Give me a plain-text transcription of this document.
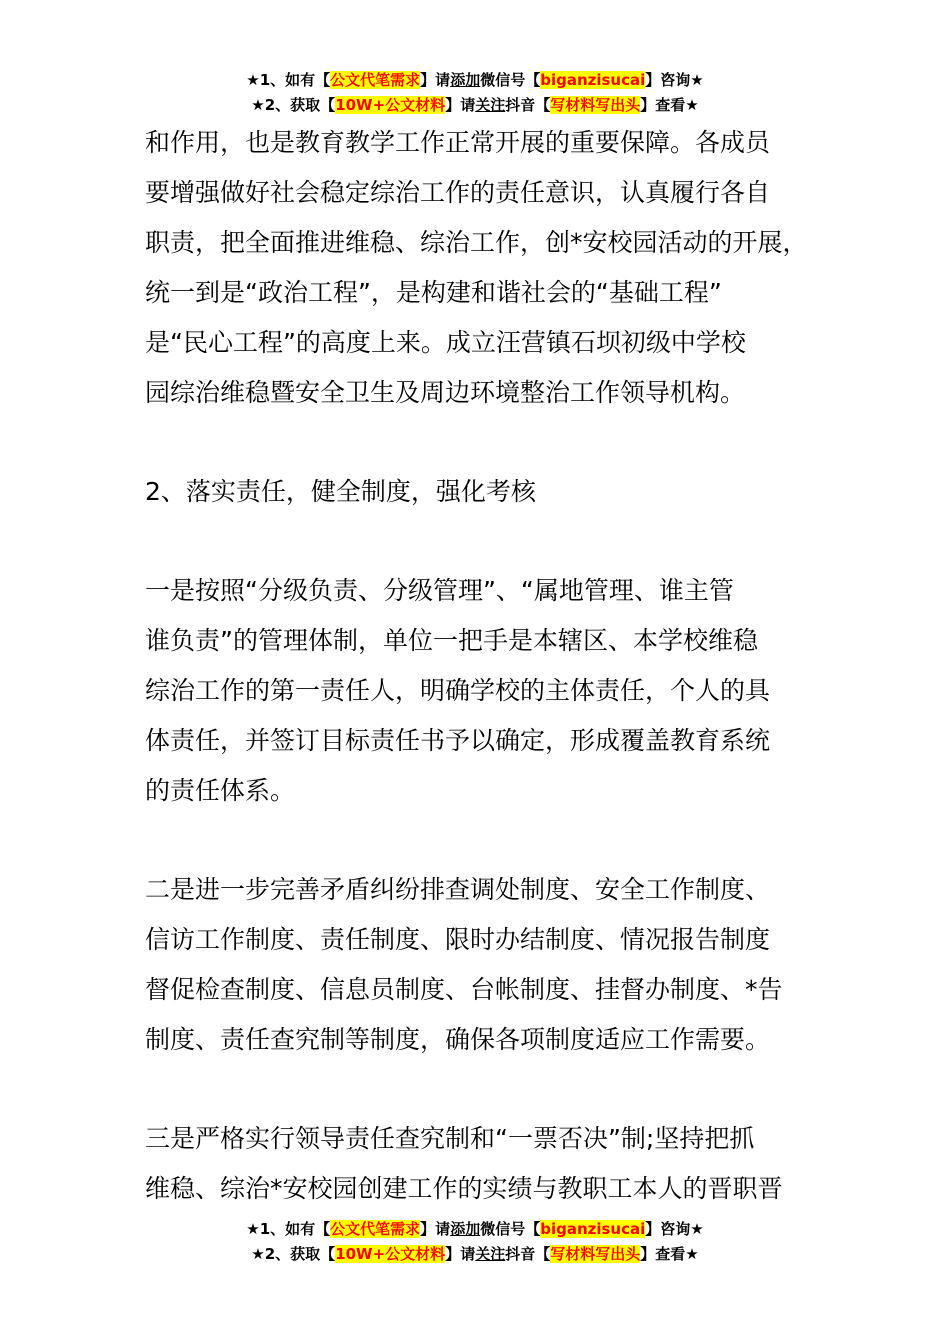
★1、如有【公文代笔需求】请添加微信号【biganzisucai】咨询★
★2、获取【10W+公文材料】请关注抖音【写材料写出头】查看★

和作用，也是教育教学工作正常开展的重要保障。各成员
要增强做好社会稳定综治工作的责任意识，认真履行各自
职责，把全面推进维稳、综治工作，创*安校园活动的开展，
统一到是“政治工程”，是构建和谐社会的“基础工程”
是“民心工程”的高度上来。成立汪营镇石坝初级中学校
园综治维稳暨安全卫生及周边环境整治工作领导机构。

2、落实责任，健全制度，强化考核

一是按照“分级负责、分级管理”、“属地管理、谁主管
谁负责”的管理体制，单位一把手是本辖区、本学校维稳
综治工作的第一责任人，明确学校的主体责任，个人的具
体责任，并签订目标责任书予以确定，形成覆盖教育系统
的责任体系。

二是进一步完善矛盾纠纷排查调处制度、安全工作制度、
信访工作制度、责任制度、限时办结制度、情况报告制度
督促检查制度、信息员制度、台帐制度、挂督办制度、*告
制度、责任查究制等制度，确保各项制度适应工作需要。

三是严格实行领导责任查究制和“一票否决”制;坚持把抓
维稳、综治*安校园创建工作的实绩与教职工本人的晋职晋

★1、如有【公文代笔需求】请添加微信号【biganzisucai】咨询★
★2、获取【10W+公文材料】请关注抖音【写材料写出头】查看★
